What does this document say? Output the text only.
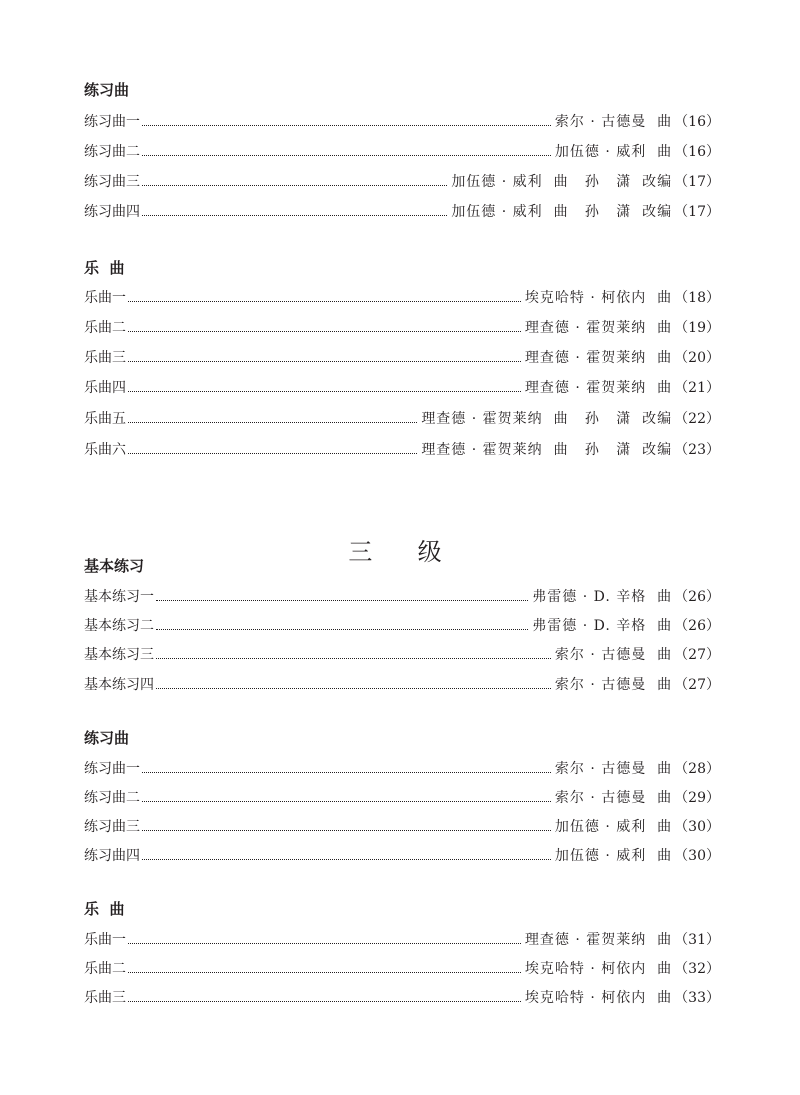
练习曲
练习曲一	索尔 · 古德曼  曲 （16）
练习曲二	加伍德 · 威利  曲 （16）
练习曲三	加伍德 · 威利  曲   孙   潇  改编 （17）
练习曲四	加伍德 · 威利  曲   孙   潇  改编 （17）
乐  曲
乐曲一	埃克哈特 · 柯依内  曲 （18）
乐曲二	理查德 · 霍贺莱纳  曲 （19）
乐曲三	理查德 · 霍贺莱纳  曲 （20）
乐曲四	理查德 · 霍贺莱纳  曲 （21）
乐曲五	理查德 · 霍贺莱纳  曲   孙   潇  改编 （22）
乐曲六	理查德 · 霍贺莱纳  曲   孙   潇  改编 （23）
三  级
基本练习
基本练习一	弗雷德 · D. 辛格  曲 （26）
基本练习二	弗雷德 · D. 辛格  曲 （26）
基本练习三	索尔 · 古德曼  曲 （27）
基本练习四	索尔 · 古德曼  曲 （27）
练习曲
练习曲一	索尔 · 古德曼  曲 （28）
练习曲二	索尔 · 古德曼  曲 （29）
练习曲三	加伍德 · 威利  曲 （30）
练习曲四	加伍德 · 威利  曲 （30）
乐  曲
乐曲一	理查德 · 霍贺莱纳  曲 （31）
乐曲二	埃克哈特 · 柯依内  曲 （32）
乐曲三	埃克哈特 · 柯依内  曲 （33）
